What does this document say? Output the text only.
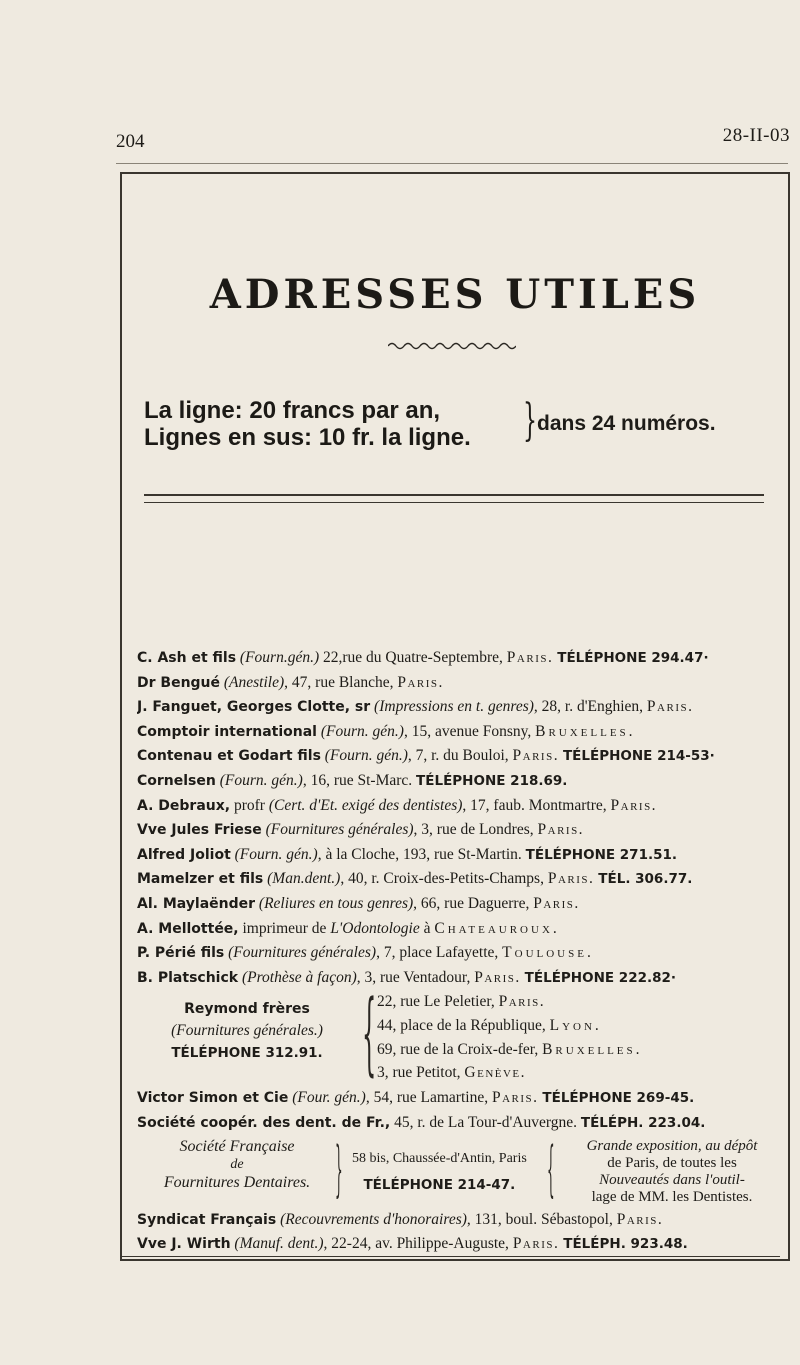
204	28-II-03
ADRESSES UTILES
La ligne: 20 francs par an,
Lignes en sus: 10 fr. la ligne. } dans 24 numéros.
C. Ash et fils (Fourn.gén.) 22,rue du Quatre-Septembre, Paris. TÉLÉPHONE 294.47·
Dr Bengué (Anestile), 47, rue Blanche, Paris.
J. Fanguet, Georges Clotte, sr (Impressions en t. genres), 28, r. d'Enghien, Paris.
Comptoir international (Fourn. gén.), 15, avenue Fonsny, Bruxelles.
Contenau et Godart fils (Fourn. gén.), 7, r. du Bouloi, Paris. TÉLÉPHONE 214-53·
Cornelsen (Fourn. gén.), 16, rue St-Marc. TÉLÉPHONE 218.69.
A. Debraux, profr (Cert. d'Et. exigé des dentistes), 17, faub. Montmartre, Paris.
Vve Jules Friese (Fournitures générales), 3, rue de Londres, Paris.
Alfred Joliot (Fourn. gén.), à la Cloche, 193, rue St-Martin. TÉLÉPHONE 271.51.
Mamelzer et fils (Man.dent.), 40, r. Croix-des-Petits-Champs, Paris. TÉL. 306.77.
Al. Maylaënder (Reliures en tous genres), 66, rue Daguerre, Paris.
A. Mellottée, imprimeur de L'Odontologie à Chateauroux.
P. Périé fils (Fournitures générales), 7, place Lafayette, Toulouse.
B. Platschick (Prothèse à façon), 3, rue Ventadour, Paris. TÉLÉPHONE 222.82·
Reymond frères
(Fournitures générales.)
TÉLÉPHONE 312.91. { 22, rue Le Peletier, Paris.
44, place de la République, Lyon.
69, rue de la Croix-de-fer, Bruxelles.
3, rue Petitot, Genève.
Victor Simon et Cie (Four. gén.), 54, rue Lamartine, Paris. TÉLÉPHONE 269-45.
Société coopér. des dent. de Fr., 45, r. de La Tour-d'Auvergne. TÉLÉPH. 223.04.
Société Française
de
Fournitures Dentaires. } 58 bis, Chaussée-d'Antin, Paris
TÉLÉPHONE 214-47. {	Grande exposition, au dépôt
de Paris, de toutes les
Nouveautés dans l'outil-
lage de MM. les Dentistes.
Syndicat Français (Recouvrements d'honoraires), 131, boul. Sébastopol, Paris.
Vve J. Wirth (Manuf. dent.), 22-24, av. Philippe-Auguste, Paris. TÉLÉPH. 923.48.
